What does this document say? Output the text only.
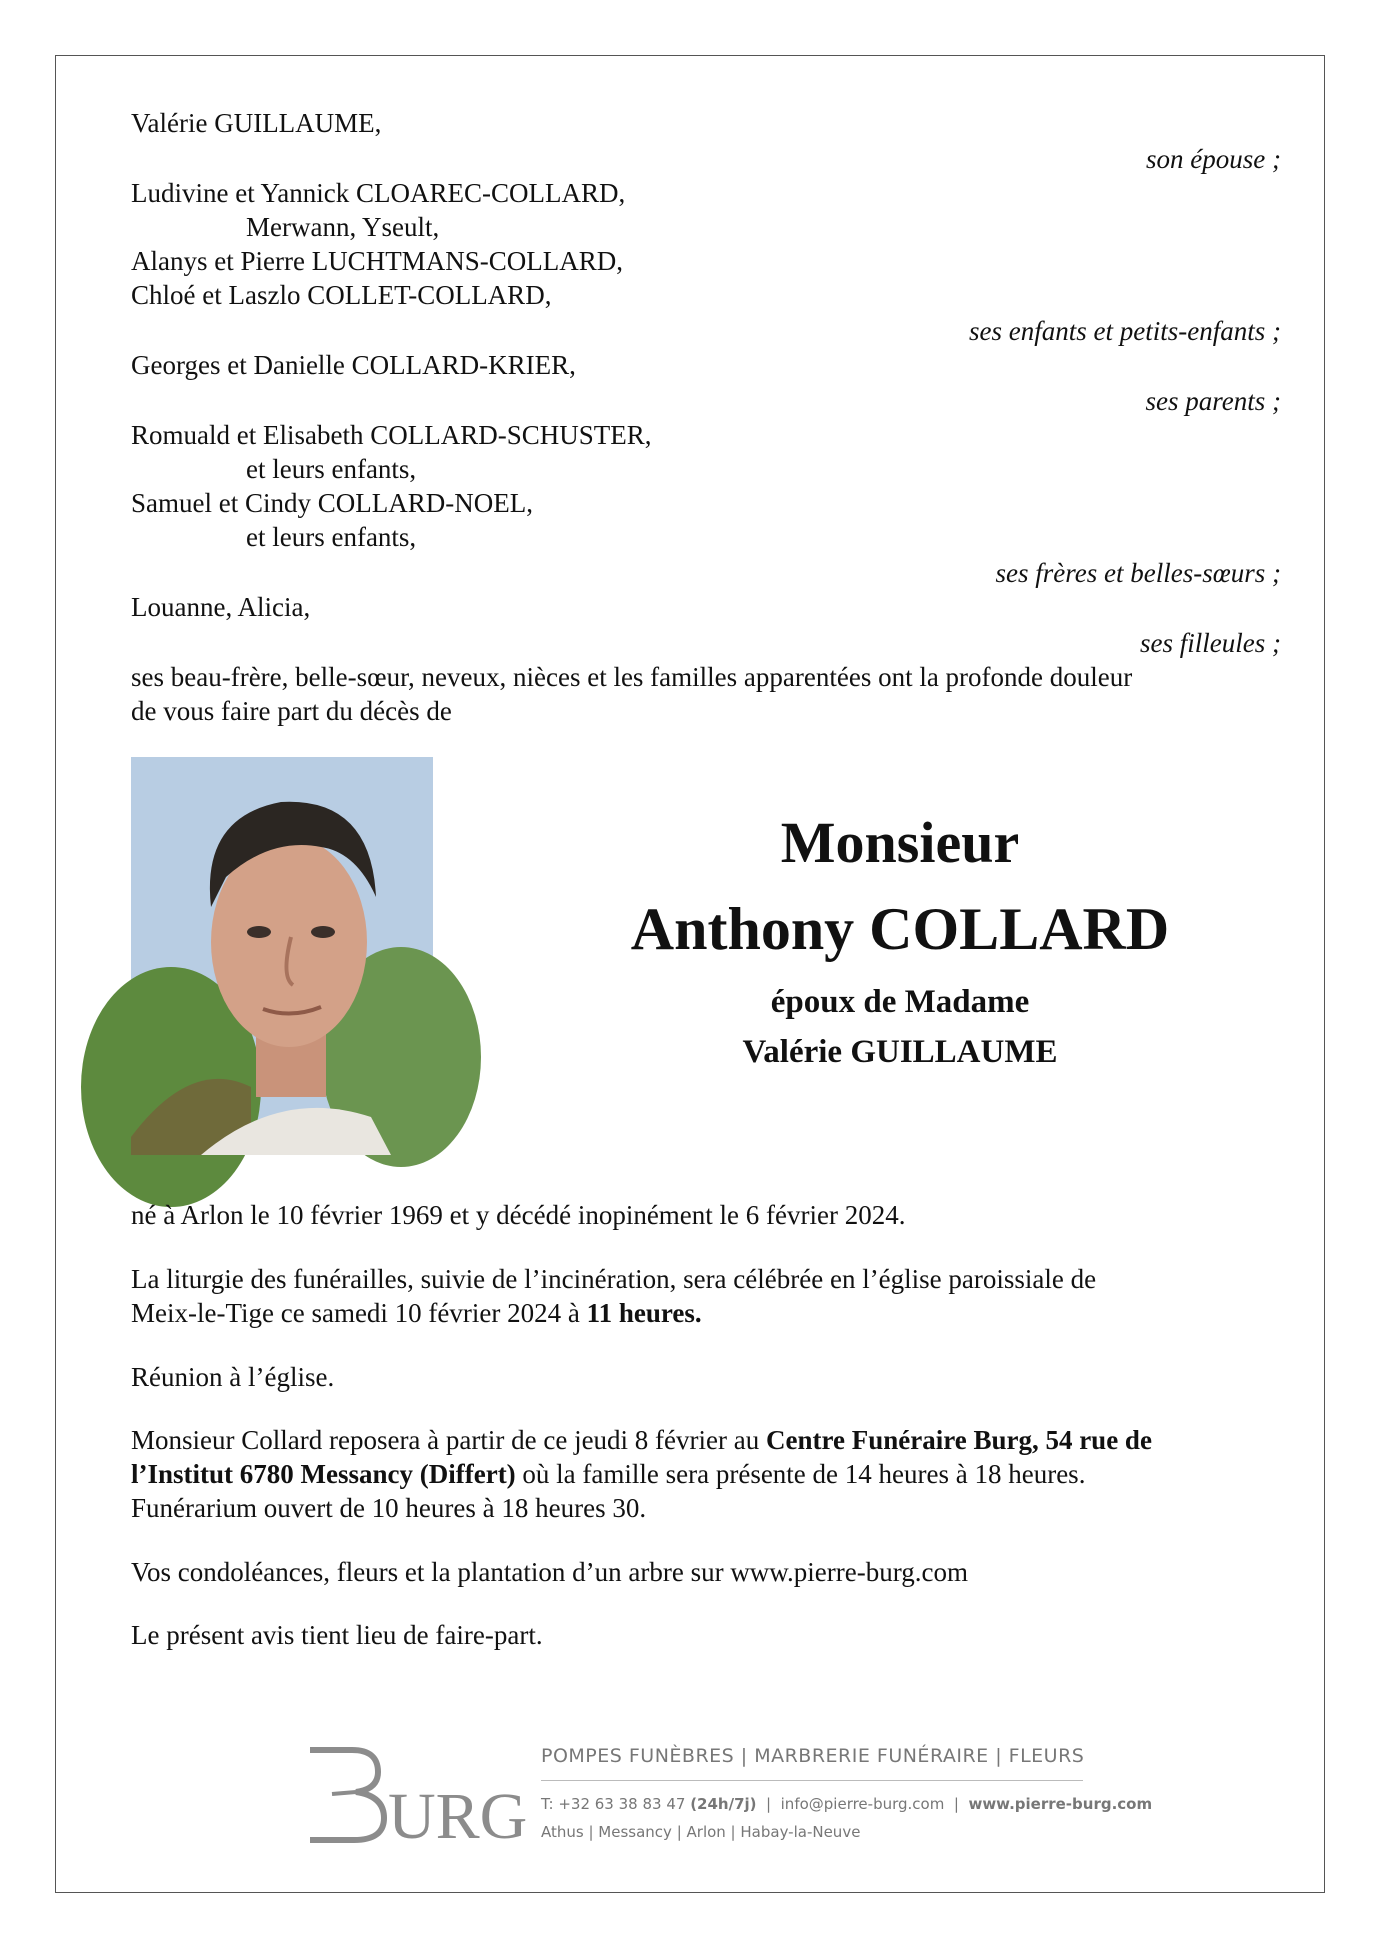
Valérie GUILLAUME,
son épouse ;
Ludivine et Yannick CLOAREC-COLLARD,
Merwann, Yseult,
Alanys et Pierre LUCHTMANS-COLLARD,
Chloé et Laszlo COLLET-COLLARD,
ses enfants et petits-enfants ;
Georges et Danielle COLLARD-KRIER,
ses parents ;
Romuald et Elisabeth COLLARD-SCHUSTER,
et leurs enfants,
Samuel et Cindy COLLARD-NOEL,
et leurs enfants,
ses frères et belles-sœurs ;
Louanne, Alicia,
ses filleules ;
ses beau-frère, belle-sœur, neveux, nièces et les familles apparentées ont la profonde douleur
de vous faire part du décès de
Monsieur
Anthony COLLARD
époux de Madame
Valérie GUILLAUME
né à Arlon le 10 février 1969 et y décédé inopinément le 6 février 2024.
La liturgie des funérailles, suivie de l’incinération, sera célébrée en l’église paroissiale de
Meix-le-Tige ce samedi 10 février 2024 à 11 heures.
Réunion à l’église.
Monsieur Collard reposera à partir de ce jeudi 8 février au Centre Funéraire Burg, 54 rue de
l’Institut 6780 Messancy (Differt) où la famille sera présente de 14 heures à 18 heures.
Funérarium ouvert de 10 heures à 18 heures 30.
Vos condoléances, fleurs et la plantation d’un arbre sur www.pierre-burg.com
Le présent avis tient lieu de faire-part.
URG
POMPES FUNÈBRES | MARBRERIE FUNÉRAIRE | FLEURS
T: +32 63 38 83 47 (24h/7j)  |  info@pierre-burg.com  |  www.pierre-burg.com
Athus | Messancy | Arlon | Habay-la-Neuve
